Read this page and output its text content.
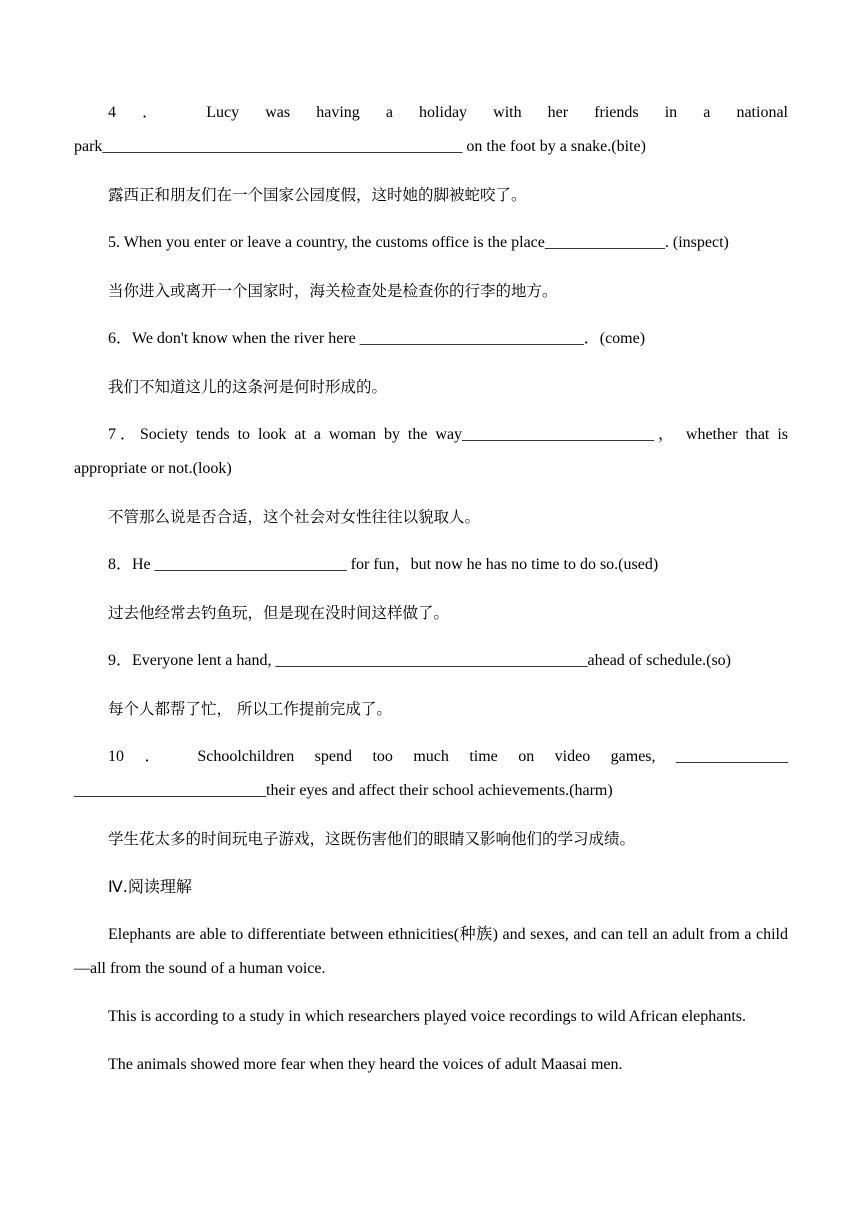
4 ． Lucy was having a holiday with her friends in a national

park_____________________________________________ on the foot by a snake.(bite)

露西正和朋友们在一个国家公园度假，这时她的脚被蛇咬了。

5. When you enter or leave a country, the customs office is the place_______________. (inspect)

当你进入或离开一个国家时，海关检查处是检查你的行李的地方。

6．We don't know when the river here ____________________________．(come)

我们不知道这儿的这条河是何时形成的。

7．Society tends to look at a woman by the way________________________， whether that is appropriate or not.(look)

不管那么说是否合适，这个社会对女性往往以貌取人。

8．He ________________________ for fun，but now he has no time to do so.(used)

过去他经常去钓鱼玩，但是现在没时间这样做了。

9．Everyone lent a hand, _______________________________________ahead of schedule.(so)

每个人都帮了忙， 所以工作提前完成了。

10 ． Schoolchildren spend too much time on video games, ______________

________________________their eyes and affect their school achievements.(harm)

学生花太多的时间玩电子游戏，这既伤害他们的眼睛又影响他们的学习成绩。

Ⅳ.阅读理解

Elephants are able to differentiate between ethnicities(种族) and sexes, and can tell an adult from a child—all from the sound of a human voice.

This is according to a study in which researchers played voice recordings to wild African elephants.

The animals showed more fear when they heard the voices of adult Maasai men.
